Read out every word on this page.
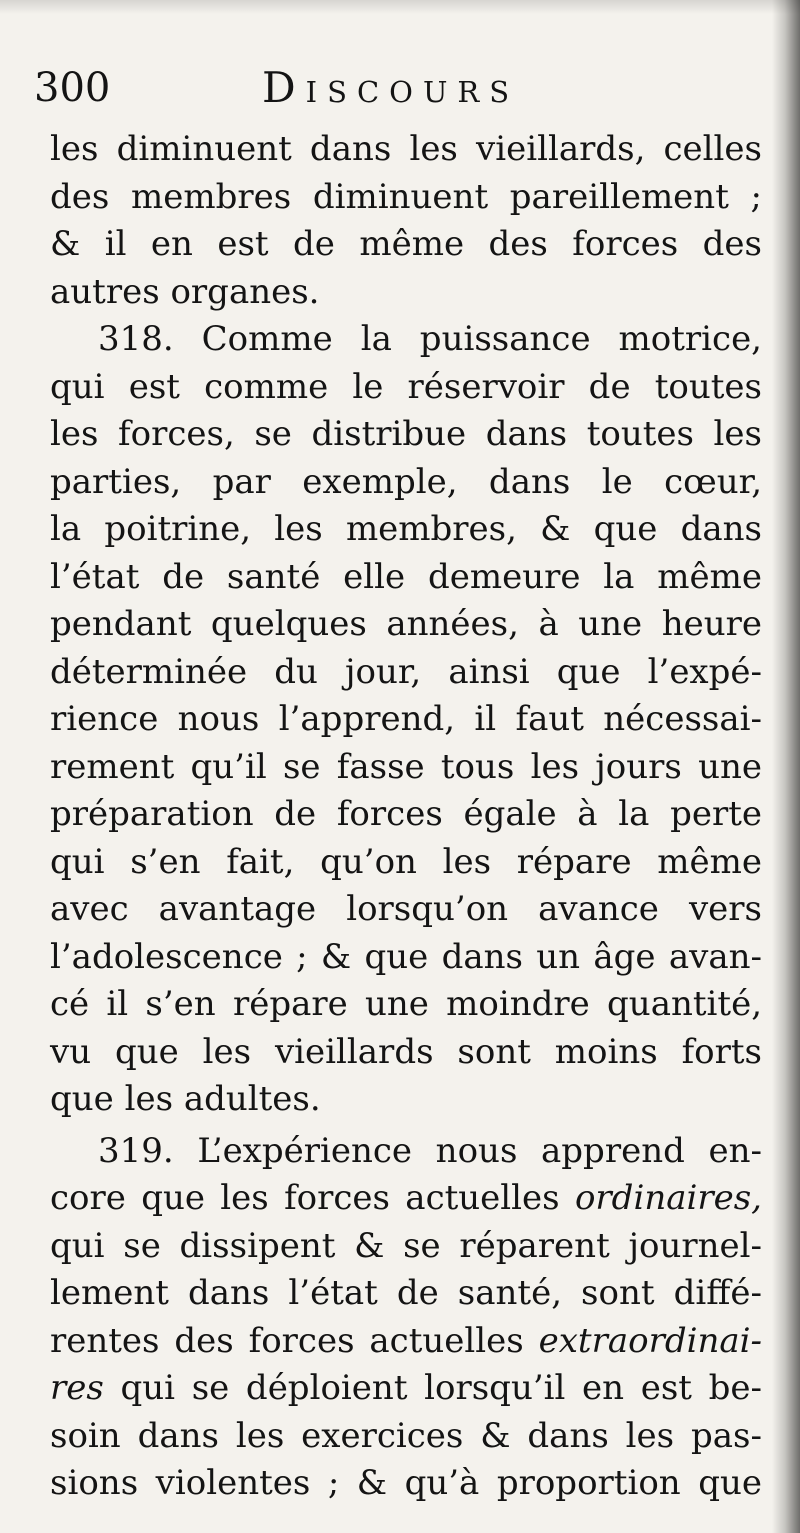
300	Discours
les diminuent dans les vieillards, celles
des membres diminuent pareillement ;
& il en est de même des forces des
autres organes.
318. Comme la puissance motrice,
qui est comme le réservoir de toutes
les forces, se distribue dans toutes les
parties, par exemple, dans le cœur,
la poitrine, les membres, & que dans
l’état de santé elle demeure la même
pendant quelques années, à une heure
déterminée du jour, ainsi que l’expé-
rience nous l’apprend, il faut nécessai-
rement qu’il se fasse tous les jours une
préparation de forces égale à la perte
qui s’en fait, qu’on les répare même
avec avantage lorsqu’on avance vers
l’adolescence ; & que dans un âge avan-
cé il s’en répare une moindre quantité,
vu que les vieillards sont moins forts
que les adultes.
319. L’expérience nous apprend en-
core que les forces actuelles ordinaires,
qui se dissipent & se réparent journel-
lement dans l’état de santé, sont diffé-
rentes des forces actuelles extraordinai-
res qui se déploient lorsqu’il en est be-
soin dans les exercices & dans les pas-
sions violentes ; & qu’à proportion que
